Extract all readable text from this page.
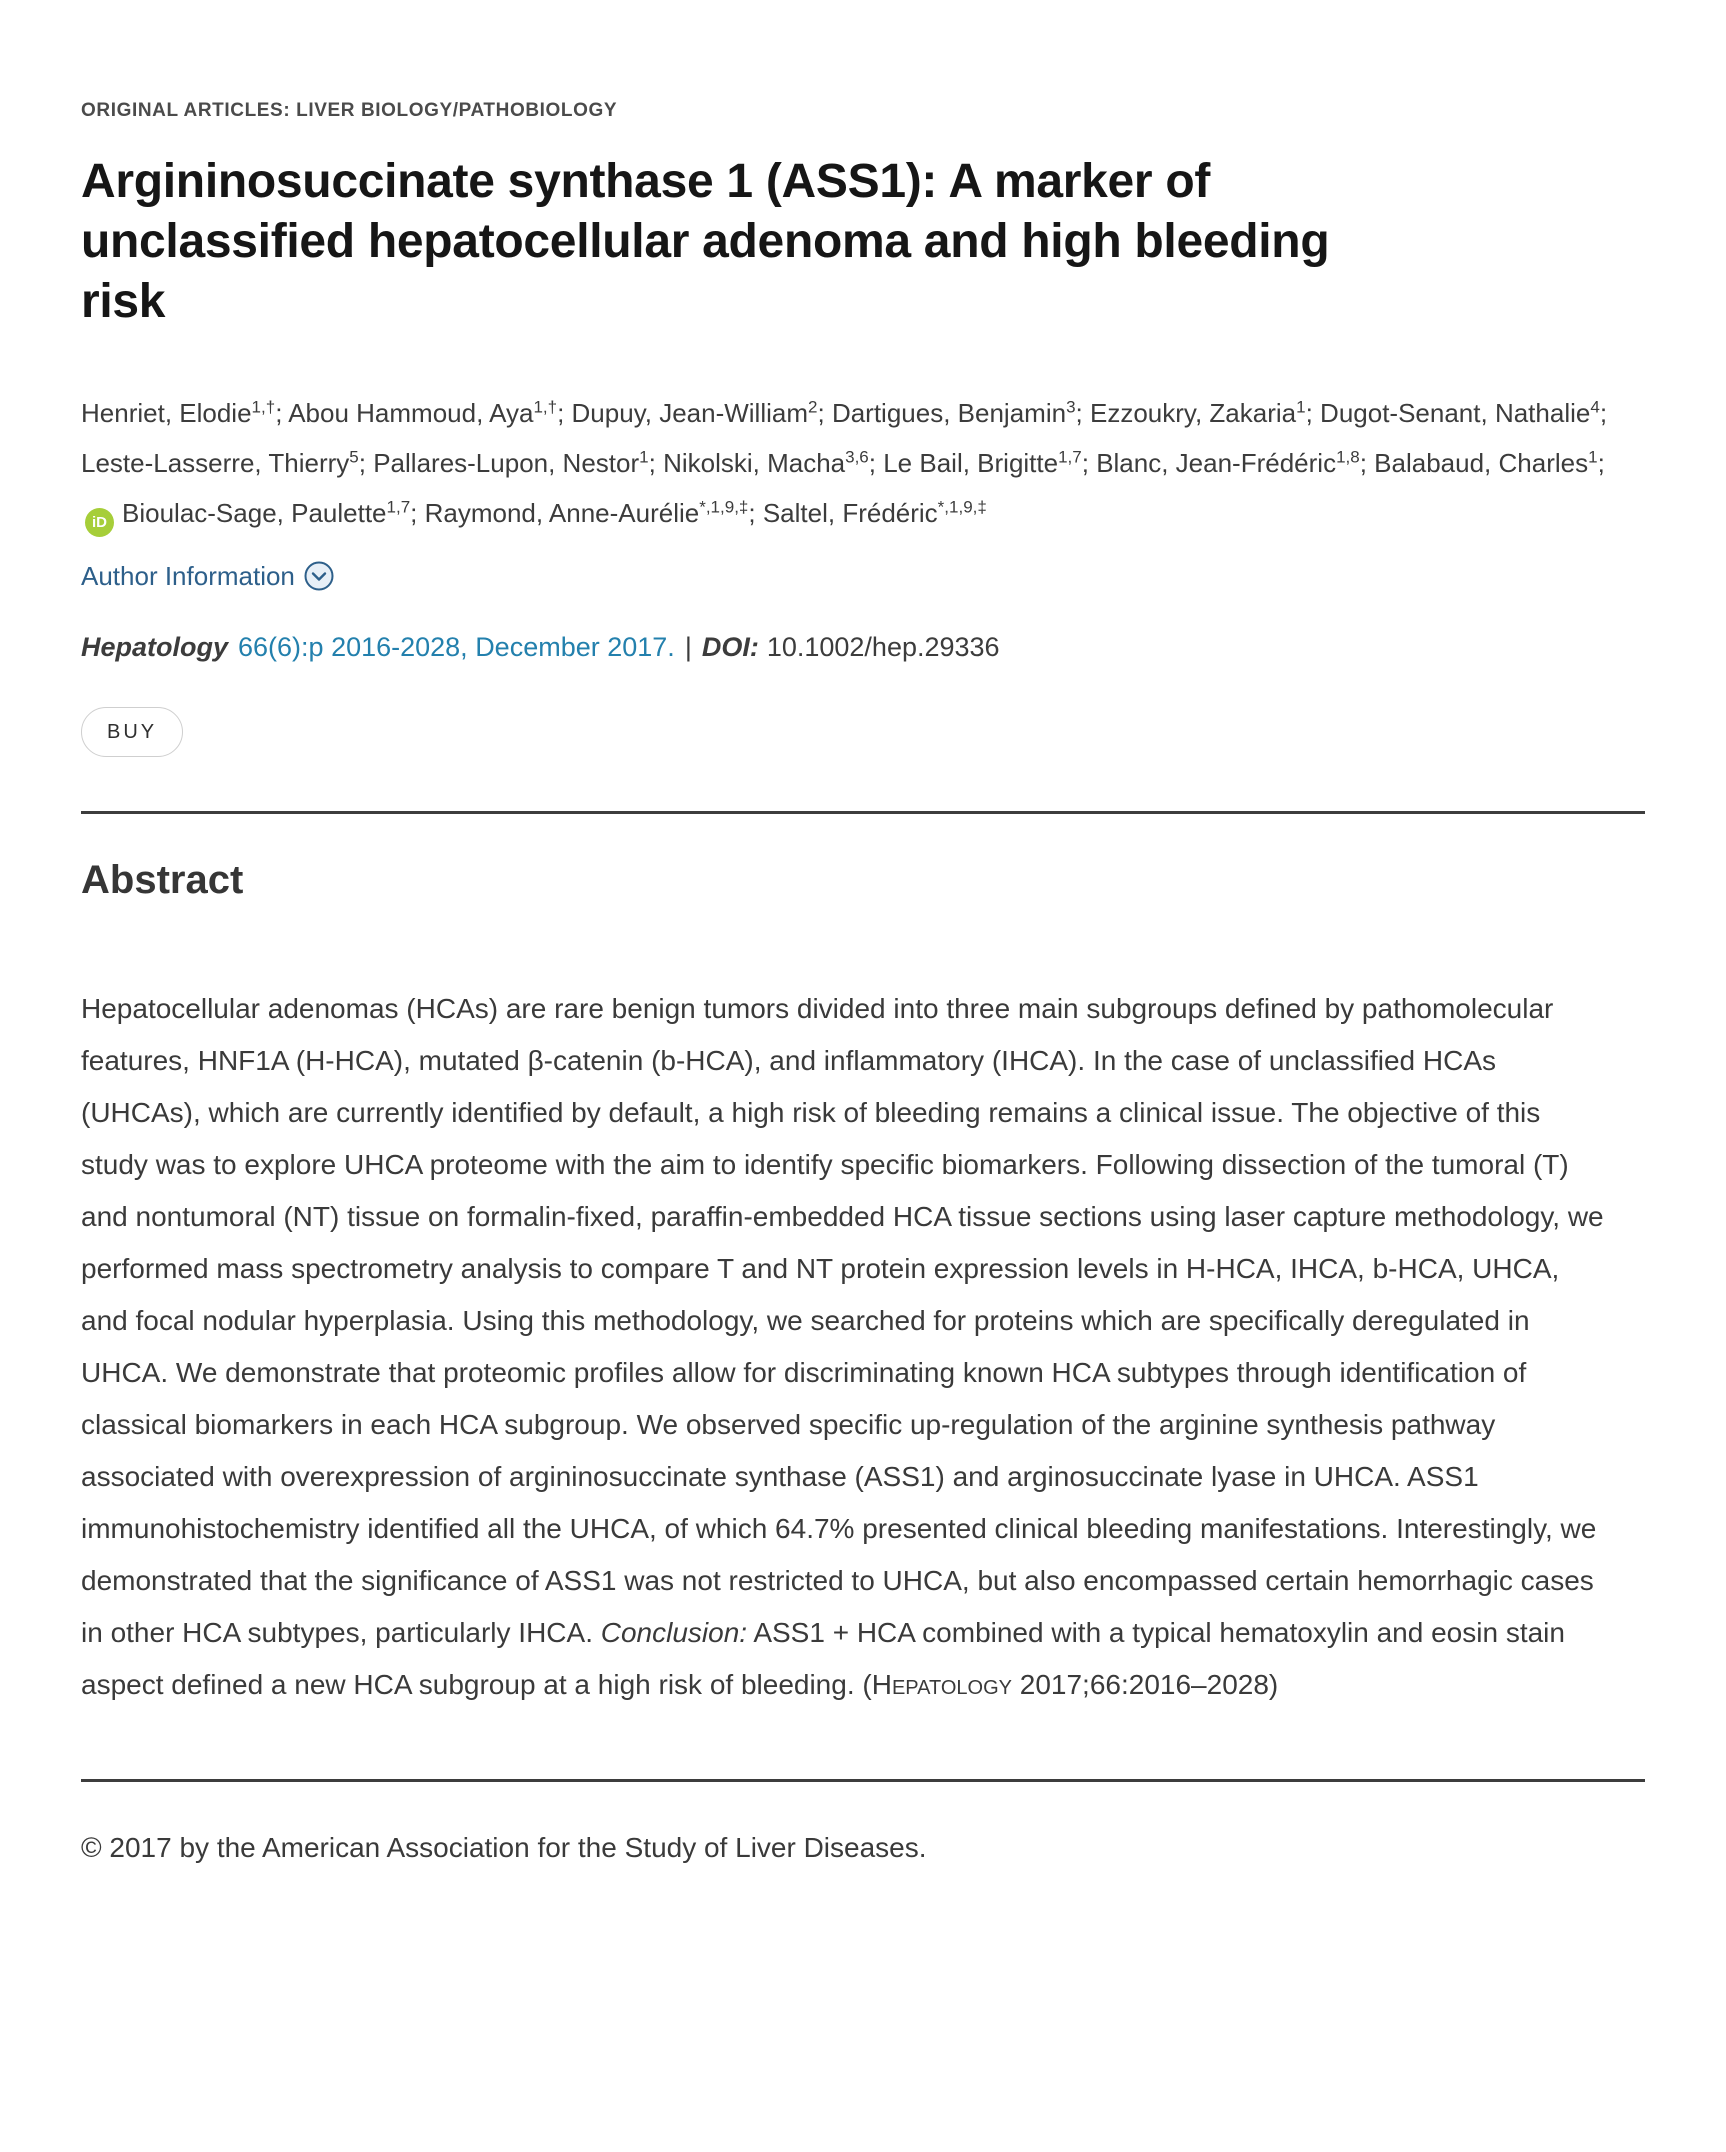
ORIGINAL ARTICLES: LIVER BIOLOGY/PATHOBIOLOGY
Argininosuccinate synthase 1 (ASS1): A marker of unclassified hepatocellular adenoma and high bleeding risk
Henriet, Elodie$^{1,\dagger}$; Abou Hammoud, Aya$^{1,\dagger}$; Dupuy, Jean-William$^2$; Dartigues, Benjamin$^3$; Ezzoukry, Zakaria$^1$; Dugot-Senant, Nathalie$^4$; Leste-Lasserre, Thierry$^5$; Pallares-Lupon, Nestor$^1$; Nikolski, Macha$^{3,6}$; Le Bail, Brigitte$^{1,7}$; Blanc, Jean-Frédéric$^{1,8}$; Balabaud, Charles$^1$; iD Bioulac-Sage, Paulette$^{1,7}$; Raymond, Anne-Aurélie$^{*,1,9,\ddagger}$; Saltel, Frédéric$^{*,1,9,\ddagger}$
Author Information
Hepatology 66(6):p 2016-2028, December 2017. | DOI: 10.1002/hep.29336
BUY
Abstract

Hepatocellular adenomas (HCAs) are rare benign tumors divided into three main subgroups defined by pathomolecular features, HNF1A (H-HCA), mutated β-catenin (b-HCA), and inflammatory (IHCA). In the case of unclassified HCAs (UHCAs), which are currently identified by default, a high risk of bleeding remains a clinical issue. The objective of this study was to explore UHCA proteome with the aim to identify specific biomarkers. Following dissection of the tumoral (T) and nontumoral (NT) tissue on formalin-fixed, paraffin-embedded HCA tissue sections using laser capture methodology, we performed mass spectrometry analysis to compare T and NT protein expression levels in H-HCA, IHCA, b-HCA, UHCA, and focal nodular hyperplasia. Using this methodology, we searched for proteins which are specifically deregulated in UHCA. We demonstrate that proteomic profiles allow for discriminating known HCA subtypes through identification of classical biomarkers in each HCA subgroup. We observed specific up-regulation of the arginine synthesis pathway associated with overexpression of argininosuccinate synthase (ASS1) and arginosuccinate lyase in UHCA. ASS1 immunohistochemistry identified all the UHCA, of which 64.7% presented clinical bleeding manifestations. Interestingly, we demonstrated that the significance of ASS1 was not restricted to UHCA, but also encompassed certain hemorrhagic cases in other HCA subtypes, particularly IHCA. Conclusion: ASS1 + HCA combined with a typical hematoxylin and eosin stain aspect defined a new HCA subgroup at a high risk of bleeding. (Hepatology 2017;66:2016–2028)

© 2017 by the American Association for the Study of Liver Diseases.
